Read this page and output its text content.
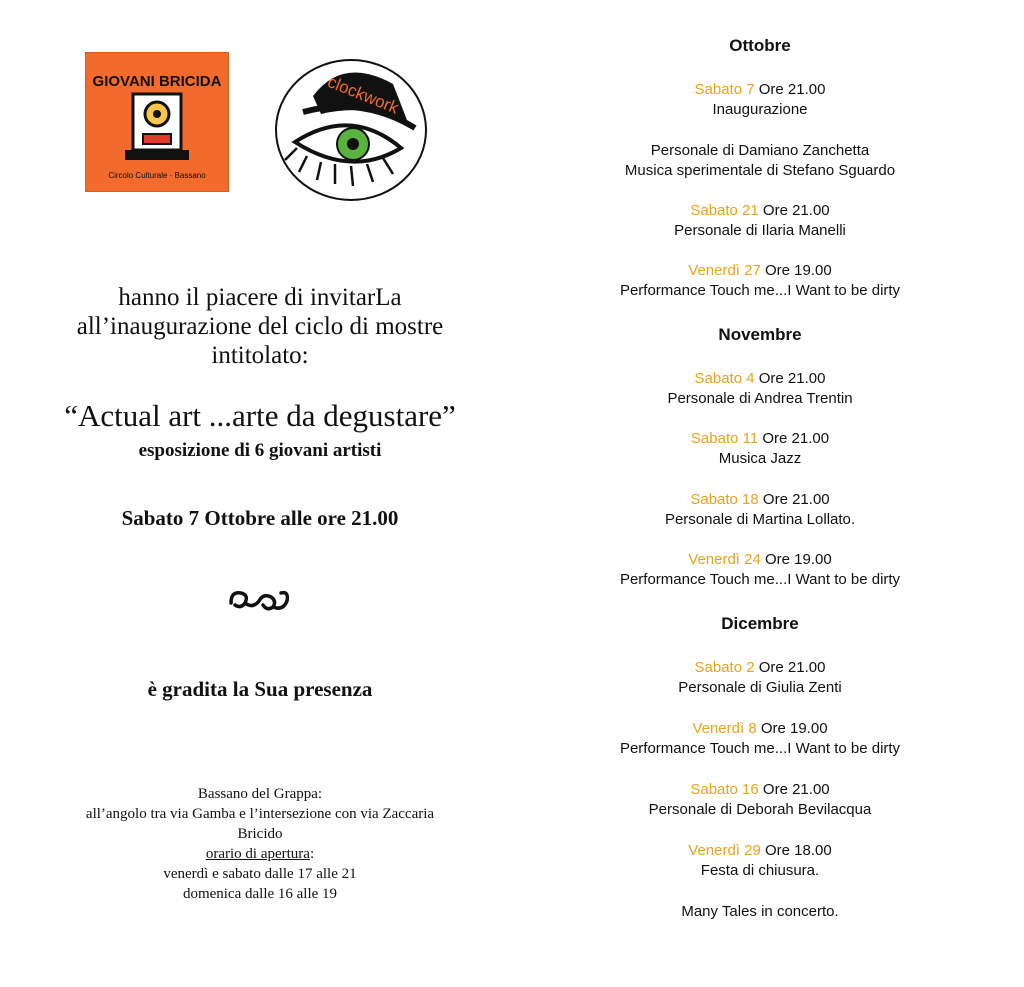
GIOVANI BRICIDA
Circolo Culturale · Bassano
clockwork
hanno il piacere di invitarLa
all’inaugurazione del ciclo di mostre
intitolato:
“Actual art ...arte da degustare”
esposizione di 6 giovani artisti
Sabato 7 Ottobre alle ore 21.00
è gradita la Sua presenza
Bassano del Grappa:
all’angolo tra via Gamba e l’intersezione con via Zaccaria
Bricido
orario di apertura:
venerdì e sabato dalle 17 alle 21
domenica dalle 16 alle 19
Ottobre
Sabato 7 Ore 21.00
Inaugurazione
Personale di Damiano Zanchetta
Musica sperimentale di Stefano Sguardo
Sabato 21 Ore 21.00
Personale di Ilaria Manelli
Venerdì 27 Ore 19.00
Performance Touch me...I Want to be dirty
Novembre
Sabato 4 Ore 21.00
Personale di Andrea Trentin
Sabato 11 Ore 21.00
Musica Jazz
Sabato 18 Ore 21.00
Personale di Martina Lollato.
Venerdì 24 Ore 19.00
Performance Touch me...I Want to be dirty
Dicembre
Sabato 2 Ore 21.00
Personale di Giulia Zenti
Venerdì 8 Ore 19.00
Performance Touch me...I Want to be dirty
Sabato 16 Ore 21.00
Personale di Deborah Bevilacqua
Venerdì 29 Ore 18.00
Festa di chiusura.
Many Tales in concerto.
